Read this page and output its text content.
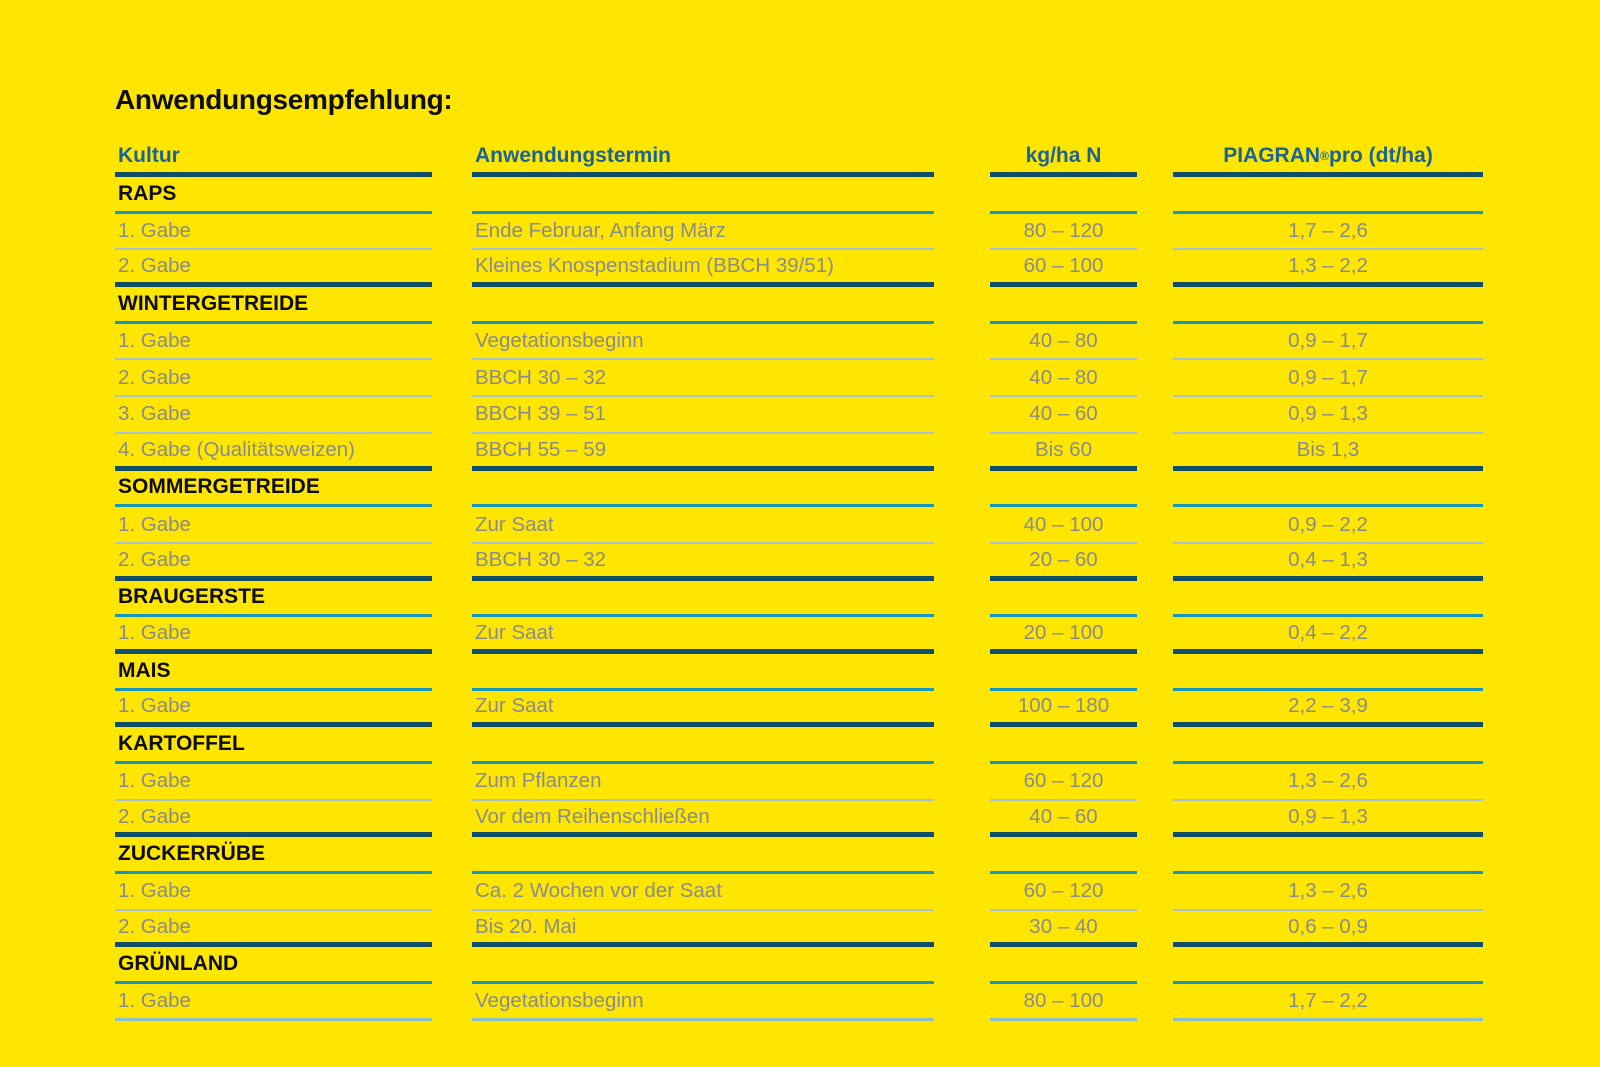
Anwendungsempfehlung:
Kultur	Anwendungstermin	kg/ha N	PIAGRAN ® pro (dt/ha)
RAPS
1. Gabe	Ende Februar, Anfang März	80 – 120	1,7 – 2,6
2. Gabe	Kleines Knospenstadium (BBCH 39/51)	60 – 100	1,3 – 2,2
WINTERGETREIDE
1. Gabe	Vegetationsbeginn	40 – 80	0,9 – 1,7
2. Gabe	BBCH 30 – 32	40 – 80	0,9 – 1,7
3. Gabe	BBCH 39 – 51	40 – 60	0,9 – 1,3
4. Gabe (Qualitätsweizen)	BBCH 55 – 59	Bis 60	Bis 1,3
SOMMERGETREIDE
1. Gabe	Zur Saat	40 – 100	0,9 – 2,2
2. Gabe	BBCH 30 – 32	20 – 60	0,4 – 1,3
BRAUGERSTE
1. Gabe	Zur Saat	20 – 100	0,4 – 2,2
MAIS
1. Gabe	Zur Saat	100 – 180	2,2 – 3,9
KARTOFFEL
1. Gabe	Zum Pflanzen	60 – 120	1,3 – 2,6
2. Gabe	Vor dem Reihenschließen	40 – 60	0,9 – 1,3
ZUCKERRÜBE
1. Gabe	Ca. 2 Wochen vor der Saat	60 – 120	1,3 – 2,6
2. Gabe	Bis 20. Mai	30 – 40	0,6 – 0,9
GRÜNLAND
1. Gabe	Vegetationsbeginn	80 – 100	1,7 – 2,2
